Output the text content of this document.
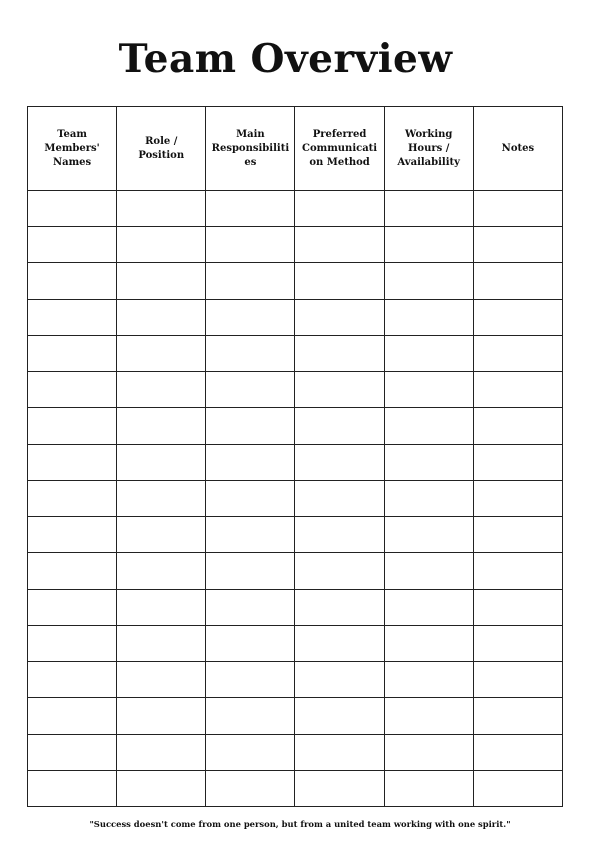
Team Overview
Team Members' Names	Role / Position	Main Responsibilities	Preferred Communication Method	Working Hours / Availability	Notes

"Success doesn't come from one person, but from a united team working with one spirit."
